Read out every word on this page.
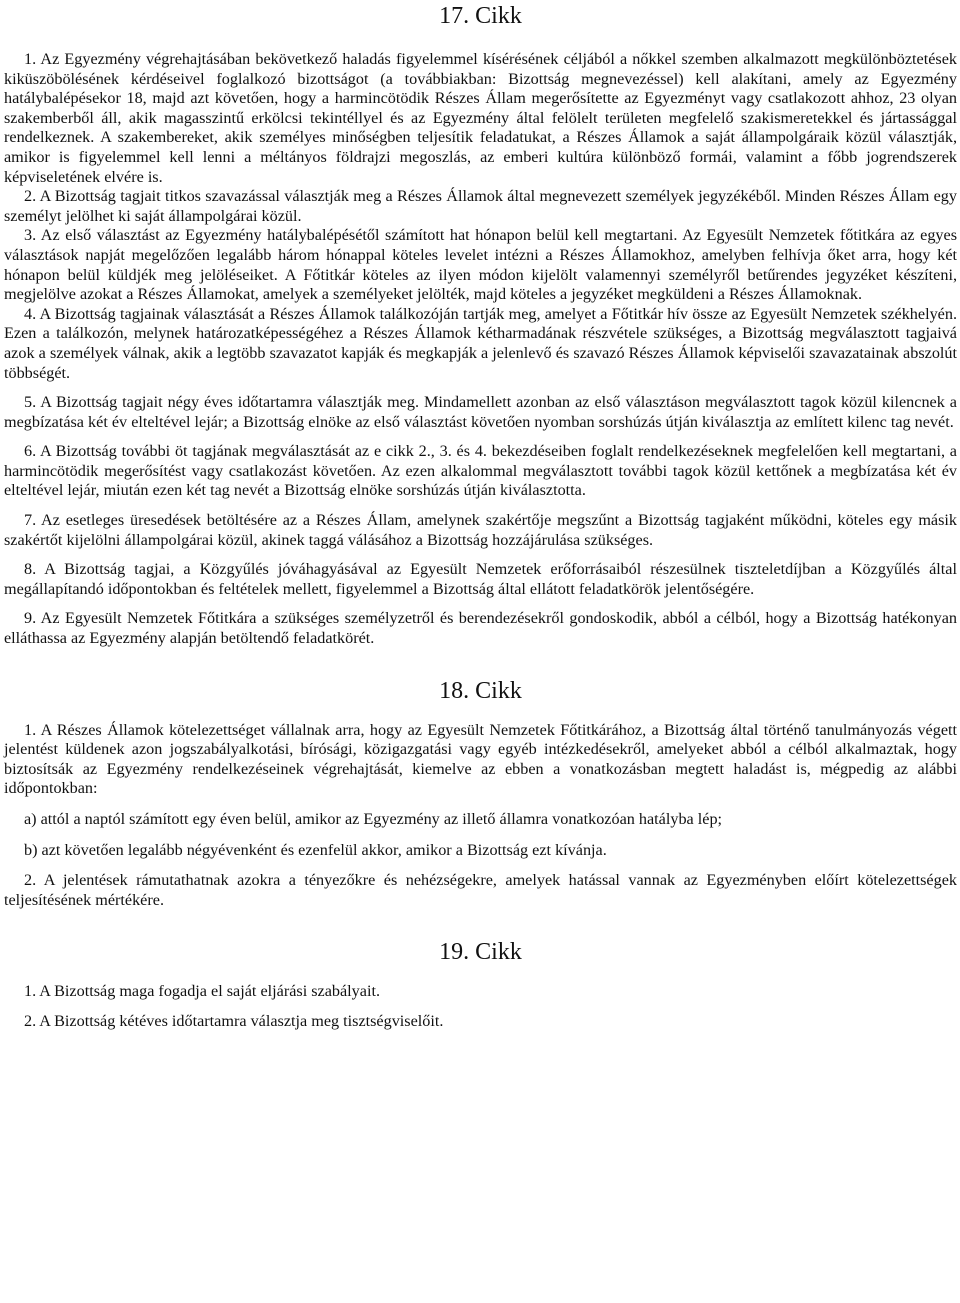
17. Cikk

1. Az Egyezmény végrehajtásában bekövetkező haladás figyelemmel kísérésének céljából a nőkkel szemben alkalmazott megkülönböztetések kiküszöbölésének kérdéseivel foglalkozó bizottságot (a továbbiakban: Bizottság megnevezéssel) kell alakítani, amely az Egyezmény hatálybalépésekor 18, majd azt követően, hogy a harmincötödik Részes Állam megerősítette az Egyezményt vagy csatlakozott ahhoz, 23 olyan szakemberből áll, akik magasszintű erkölcsi tekintéllyel és az Egyezmény által felölelt területen megfelelő szakismeretekkel és jártassággal rendelkeznek. A szakembereket, akik személyes minőségben teljesítik feladatukat, a Részes Államok a saját állampolgáraik közül választják, amikor is figyelemmel kell lenni a méltányos földrajzi megoszlás, az emberi kultúra különböző formái, valamint a főbb jogrendszerek képviseletének elvére is.

2. A Bizottság tagjait titkos szavazással választják meg a Részes Államok által megnevezett személyek jegyzékéből. Minden Részes Állam egy személyt jelölhet ki saját állampolgárai közül.

3. Az első választást az Egyezmény hatálybalépésétől számított hat hónapon belül kell megtartani. Az Egyesült Nemzetek főtitkára az egyes választások napját megelőzően legalább három hónappal köteles levelet intézni a Részes Államokhoz, amelyben felhívja őket arra, hogy két hónapon belül küldjék meg jelöléseiket. A Főtitkár köteles az ilyen módon kijelölt valamennyi személyről betűrendes jegyzéket készíteni, megjelölve azokat a Részes Államokat, amelyek a személyeket jelölték, majd köteles a jegyzéket megküldeni a Részes Államoknak.

4. A Bizottság tagjainak választását a Részes Államok találkozóján tartják meg, amelyet a Főtitkár hív össze az Egyesült Nemzetek székhelyén. Ezen a találkozón, melynek határozatképességéhez a Részes Államok kétharmadának részvétele szükséges, a Bizottság megválasztott tagjaivá azok a személyek válnak, akik a legtöbb szavazatot kapják és megkapják a jelenlevő és szavazó Részes Államok képviselői szavazatainak abszolút többségét.

5. A Bizottság tagjait négy éves időtartamra választják meg. Mindamellett azonban az első választáson megválasztott tagok közül kilencnek a megbízatása két év elteltével lejár; a Bizottság elnöke az első választást követően nyomban sorshúzás útján kiválasztja az említett kilenc tag nevét.

6. A Bizottság további öt tagjának megválasztását az e cikk 2., 3. és 4. bekezdéseiben foglalt rendelkezéseknek megfelelően kell megtartani, a harmincötödik megerősítést vagy csatlakozást követően. Az ezen alkalommal megválasztott további tagok közül kettőnek a megbízatása két év elteltével lejár, miután ezen két tag nevét a Bizottság elnöke sorshúzás útján kiválasztotta.

7. Az esetleges üresedések betöltésére az a Részes Állam, amelynek szakértője megszűnt a Bizottság tagjaként működni, köteles egy másik szakértőt kijelölni állampolgárai közül, akinek taggá válásához a Bizottság hozzájárulása szükséges.

8. A Bizottság tagjai, a Közgyűlés jóváhagyásával az Egyesült Nemzetek erőforrásaiból részesülnek tiszteletdíjban a Közgyűlés által megállapítandó időpontokban és feltételek mellett, figyelemmel a Bizottság által ellátott feladatkörök jelentőségére.

9. Az Egyesült Nemzetek Főtitkára a szükséges személyzetről és berendezésekről gondoskodik, abból a célból, hogy a Bizottság hatékonyan elláthassa az Egyezmény alapján betöltendő feladatkörét.

18. Cikk

1. A Részes Államok kötelezettséget vállalnak arra, hogy az Egyesült Nemzetek Főtitkárához, a Bizottság által történő tanulmányozás végett jelentést küldenek azon jogszabályalkotási, bírósági, közigazgatási vagy egyéb intézkedésekről, amelyeket abból a célból alkalmaztak, hogy biztosítsák az Egyezmény rendelkezéseinek végrehajtását, kiemelve az ebben a vonatkozásban megtett haladást is, mégpedig az alábbi időpontokban:

a) attól a naptól számított egy éven belül, amikor az Egyezmény az illető államra vonatkozóan hatályba lép;

b) azt követően legalább négyévenként és ezenfelül akkor, amikor a Bizottság ezt kívánja.

2. A jelentések rámutathatnak azokra a tényezőkre és nehézségekre, amelyek hatással vannak az Egyezményben előírt kötelezettségek teljesítésének mértékére.

19. Cikk

1. A Bizottság maga fogadja el saját eljárási szabályait.

2. A Bizottság kétéves időtartamra választja meg tisztségviselőit.
